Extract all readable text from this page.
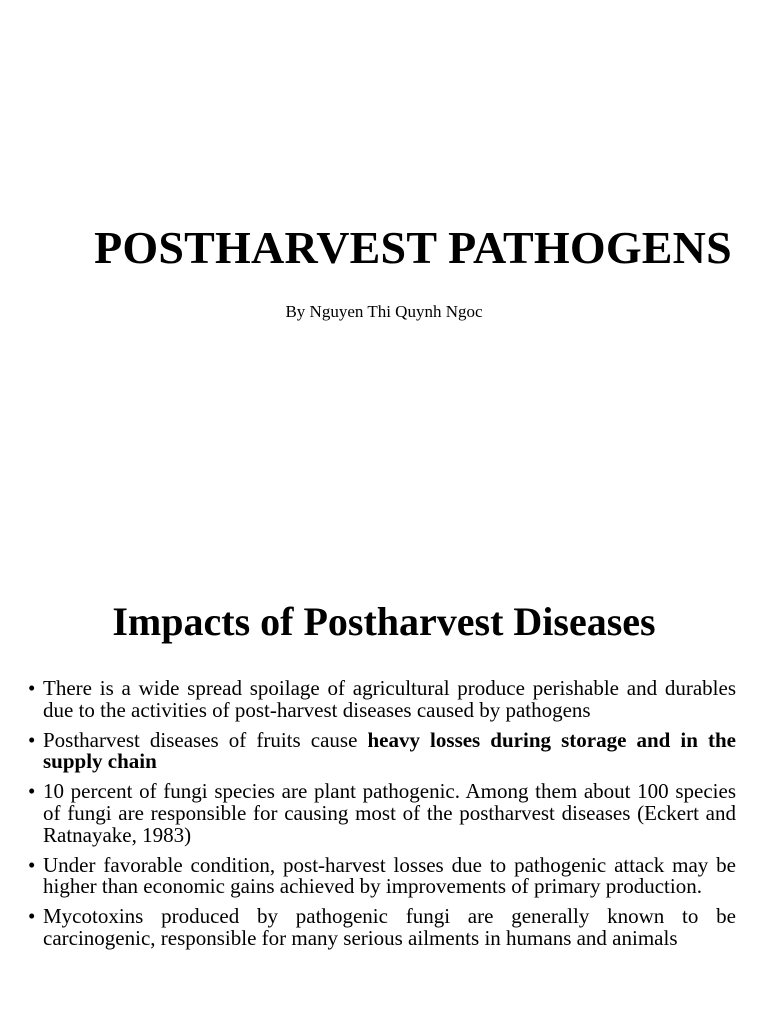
POSTHARVEST PATHOGENS
By Nguyen Thi Quynh Ngoc
Impacts of Postharvest Diseases
• There is a wide spread spoilage of agricultural produce perishable and durables due to the activities of post-harvest diseases caused by pathogens
• Postharvest diseases of fruits cause heavy losses during storage and in the supply chain
• 10 percent of fungi species are plant pathogenic. Among them about 100 species of fungi are responsible for causing most of the postharvest diseases (Eckert and Ratnayake, 1983)
• Under favorable condition, post-harvest losses due to pathogenic attack may be higher than economic gains achieved by improvements of primary production.
• Mycotoxins produced by pathogenic fungi are generally known to be carcinogenic, responsible for many serious ailments in humans and animals
